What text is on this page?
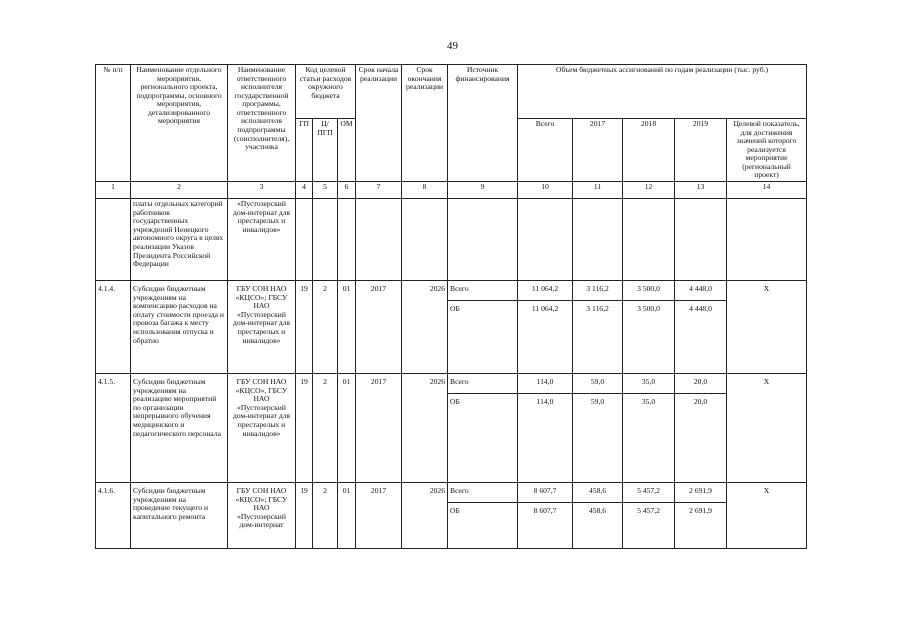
49
№ п/п	Наименование отдельного мероприятия, регионального проекта, подпрограммы, основного мероприятия, детализированного мероприятия	Наименование ответственного исполнителя государственной программы, ответственного исполнителя подпрограммы (соисполнителя), участника	Код целевой статьи расходов окружного бюджета			Срок начала реализации	Срок окончания реализации	Источник финансирования	Объем бюджетных ассигнований по годам реализации (тыс. руб.)				
			ГП	Ц/ПГП	ОМ				Всего	2017	2018	2019	Целевой показатель, для достижения значений которого реализуется мероприятие (региональный проект)
1	2	3	4	5	6	7	8	9	10	11	12	13	14
	платы отдельных категорий работников государственных учреждений Ненецкого автономного округа в целях реализации Указов Президента Российской Федерации	«Пустозерский дом-интернат для престарелых и инвалидов»											
4.1.4.	Субсидии бюджетным учреждениям на компенсацию расходов на оплату стоимости проезда и провоза багажа к месту использования отпуска и обратно	ГБУ СОН НАО «КЦСО»; ГБСУ НАО «Пустозерский дом-интернат для престарелых и инвалидов»	19	2	01	2017	2026	Всего	11 064,2	3 116,2	3 500,0	4 448,0	X
								ОБ	11 064,2	3 116,2	3 500,0	4 448,0	
4.1.5.	Субсидии бюджетным учреждениям на реализацию мероприятий по организации непрерывного обучения медицинского и педагогического персонала	ГБУ СОН НАО «КЦСО», ГБСУ НАО «Пустозерский дом-интернат для престарелых и инвалидов»	19	2	01	2017	2026	Всего	114,0	59,0	35,0	20,0	X
								ОБ	114,0	59,0	35,0	20,0	
4.1.6.	Субсидии бюджетным учреждениям на проведение текущего и капитального ремонта	ГБУ СОН НАО «КЦСО»; ГБСУ НАО «Пустозерский дом-интернат	19	2	01	2017	2026	Всего	8 607,7	458,6	5 457,2	2 691,9	X
								ОБ	8 607,7	458,6	5 457,2	2 691,9	
